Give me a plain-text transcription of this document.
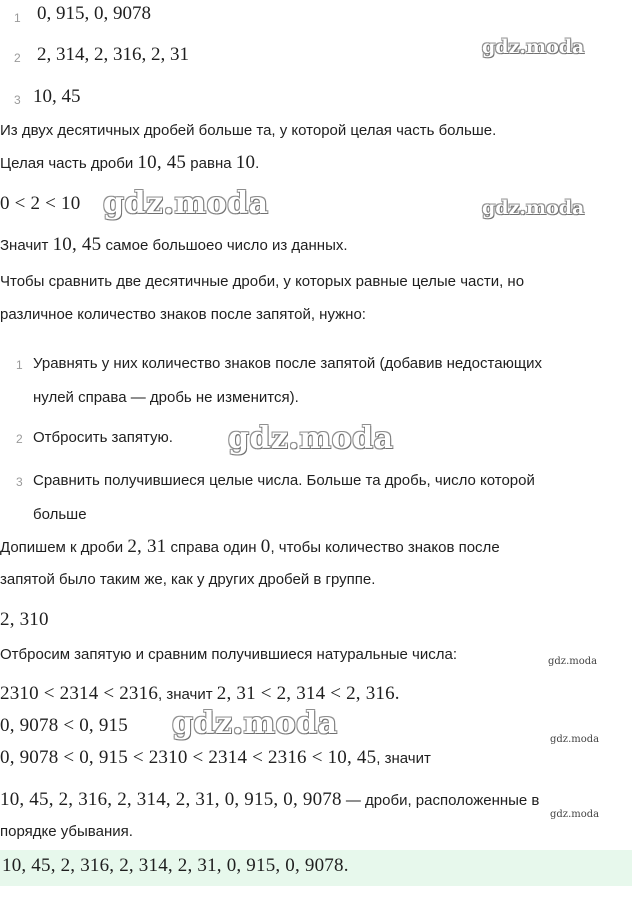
1 0, 915, 0, 9078
2 2, 314, 2, 316, 2, 31
3 10, 45
Из двух десятичных дробей больше та, у которой целая часть больше.
Целая часть дроби 10, 45 равна 10.
0 < 2 < 10
Значит 10, 45 самое большоеo число из данных.
Чтобы сравнить две десятичные дроби, у которых равные целые части, но
различное количество знаков после запятой, нужно:
1 Уравнять у них количество знаков после запятой (добавив недостающих
нулей справа — дробь не изменится).
2 Отбросить запятую.
3 Сравнить получившиеся целые числа. Больше та дробь, число которой
больше
Допишем к дроби 2, 31 справа один 0, чтобы количество знаков после
запятой было таким же, как у других дробей в группе.
2, 310
Отбросим запятую и сравним получившиеся натуральные числа:
2310 < 2314 < 2316, значит 2, 31 < 2, 314 < 2, 316.
0, 9078 < 0, 915
0, 9078 < 0, 915 < 2310 < 2314 < 2316 < 10, 45, значит
10, 45, 2, 316, 2, 314, 2, 31, 0, 915, 0, 9078 — дроби, расположенные в
порядке убывания.
10, 45, 2, 316, 2, 314, 2, 31, 0, 915, 0, 9078.
gdz.moda
gdz.moda	gdz.moda
gdz.moda
gdz.moda
gdz.moda	gdz.moda
gdz.moda
